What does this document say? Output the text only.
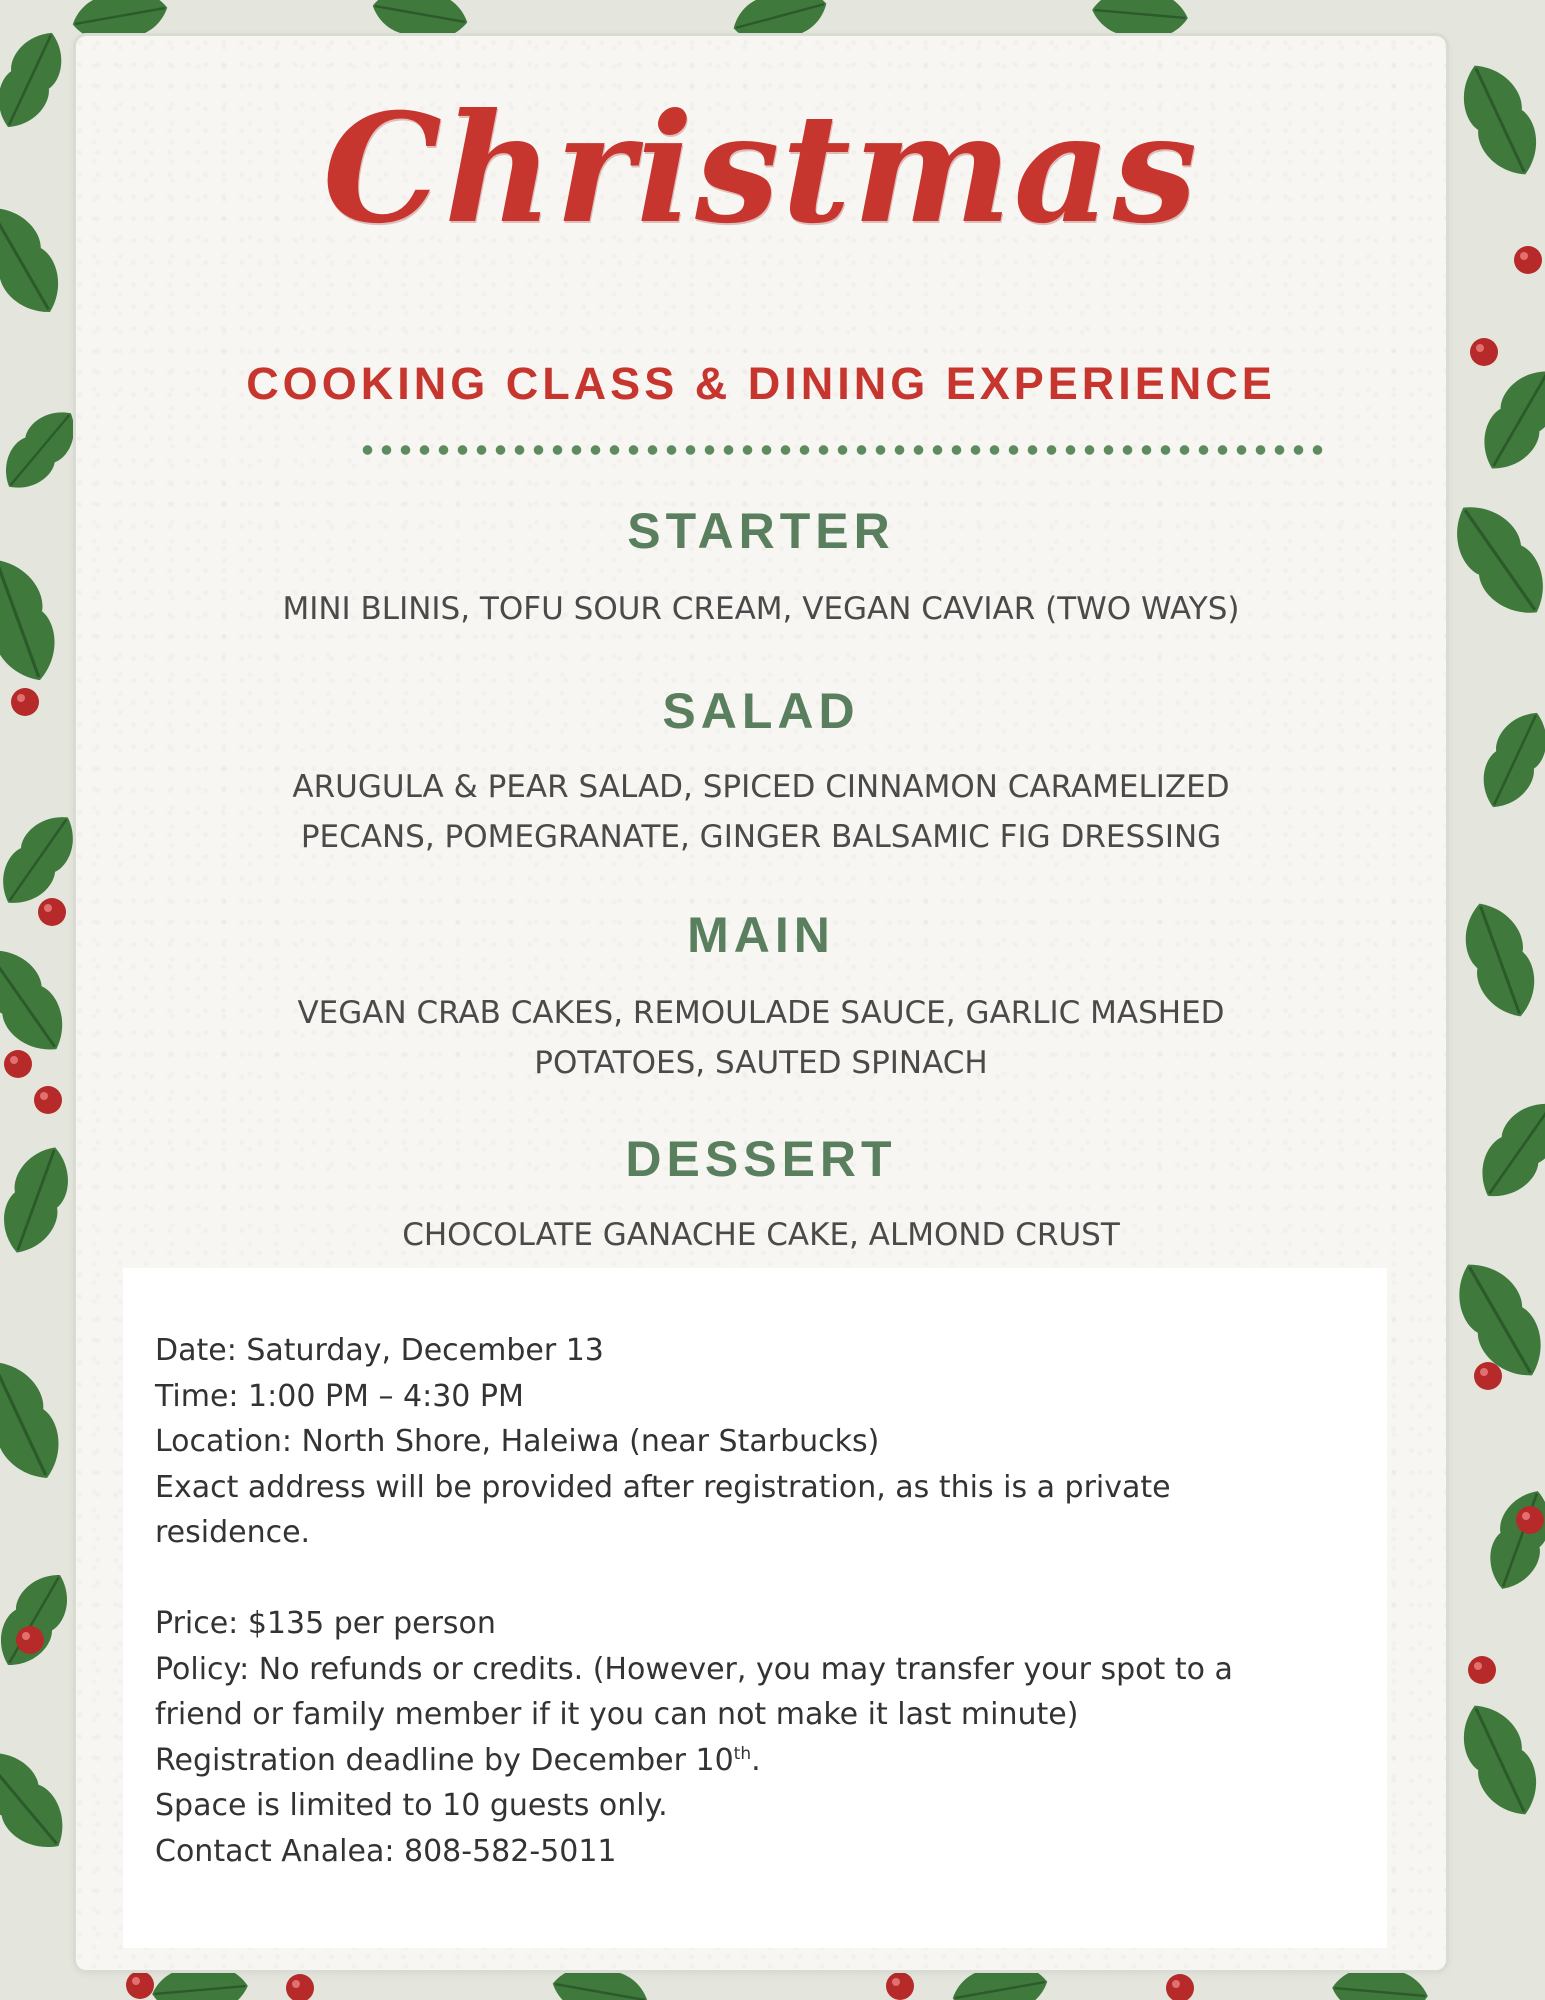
Christmas
COOKING CLASS & DINING EXPERIENCE
STARTER
MINI BLINIS, TOFU SOUR CREAM, VEGAN CAVIAR (TWO WAYS)
SALAD
ARUGULA & PEAR SALAD, SPICED CINNAMON CARAMELIZED
PECANS, POMEGRANATE, GINGER BALSAMIC FIG DRESSING
MAIN
VEGAN CRAB CAKES, REMOULADE SAUCE, GARLIC MASHED
POTATOES, SAUTED SPINACH
DESSERT
CHOCOLATE GANACHE CAKE, ALMOND CRUST
Date: Saturday, December 13
Time: 1:00 PM – 4:30 PM
Location: North Shore, Haleiwa (near Starbucks)
Exact address will be provided after registration, as this is a private
residence.
Price: $135 per person
Policy: No refunds or credits. (However, you may transfer your spot to a
friend or family member if it you can not make it last minute)
Registration deadline by December 10th.
Space is limited to 10 guests only.
Contact Analea: 808-582-5011
